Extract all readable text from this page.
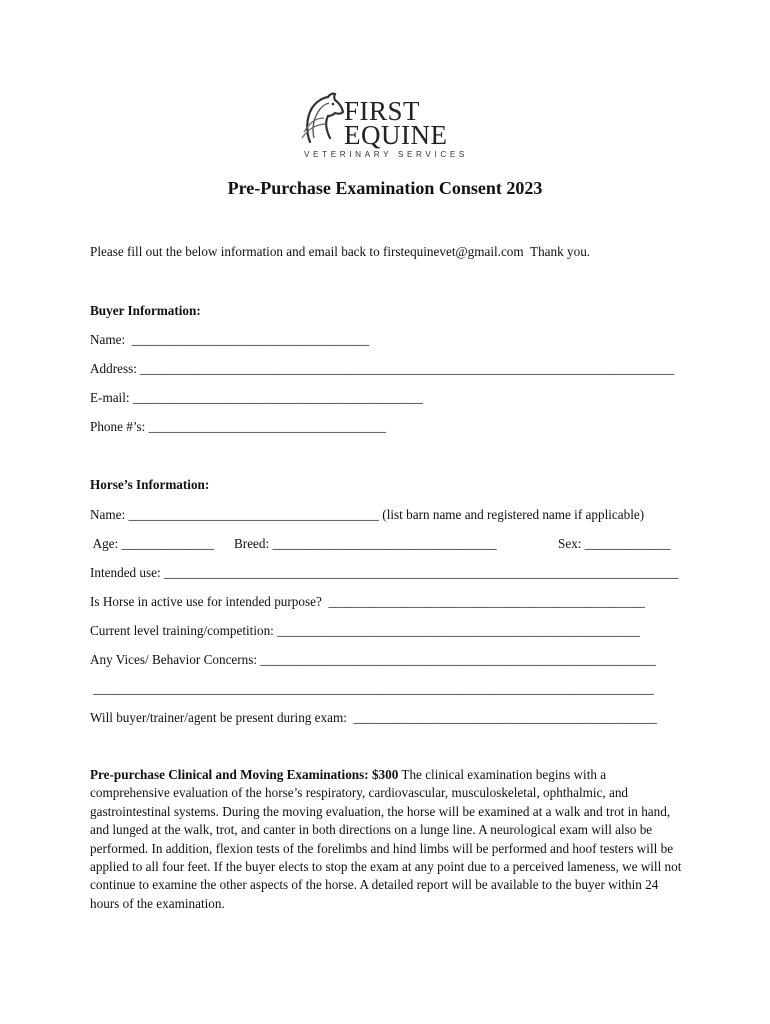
FIRST
EQUINE
VETERINARY SERVICES
Pre-Purchase Examination Consent 2023
Please fill out the below information and email back to firstequinevet@gmail.com  Thank you.
Buyer Information:
Name:  ____________________________________
Address: _________________________________________________________________________________
E-mail: ____________________________________________
Phone #’s: ____________________________________
Horse’s Information:
Name: ______________________________________ (list barn name and registered name if applicable)
Age: ______________ Breed: __________________________________	Sex: _____________
Intended use: ______________________________________________________________________________
Is Horse in active use for intended purpose?  ________________________________________________
Current level training/competition: _______________________________________________________
Any Vices/ Behavior Concerns: ____________________________________________________________
_____________________________________________________________________________________
Will buyer/trainer/agent be present during exam:  ______________________________________________
Pre-purchase Clinical and Moving Examinations: $300 The clinical examination begins with a comprehensive evaluation of the horse’s respiratory, cardiovascular, musculoskeletal, ophthalmic, and gastrointestinal systems. During the moving evaluation, the horse will be examined at a walk and trot in hand, and lunged at the walk, trot, and canter in both directions on a lunge line. A neurological exam will also be performed. In addition, flexion tests of the forelimbs and hind limbs will be performed and hoof testers will be applied to all four feet. If the buyer elects to stop the exam at any point due to a perceived lameness, we will not continue to examine the other aspects of the horse. A detailed report will be available to the buyer within 24 hours of the examination.
